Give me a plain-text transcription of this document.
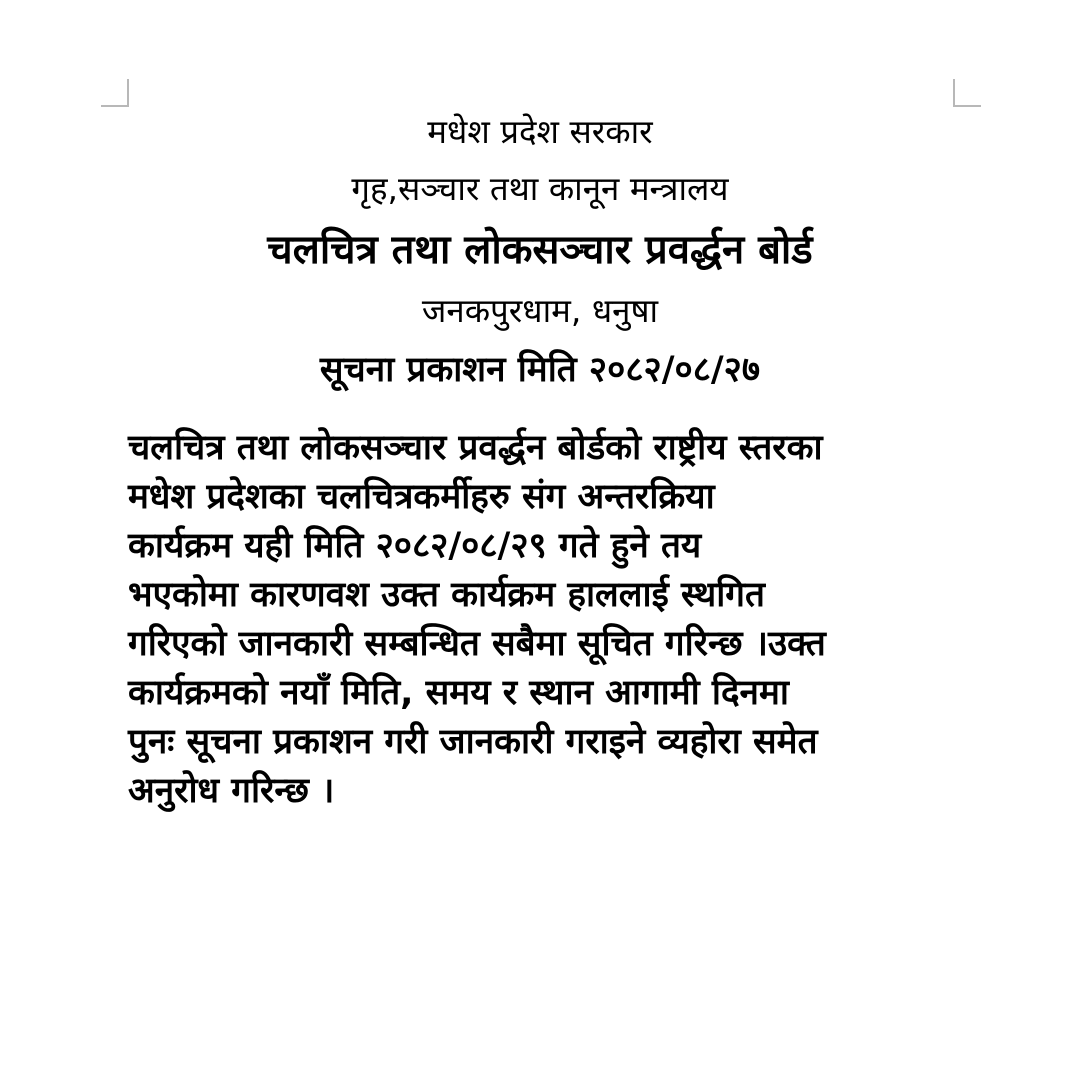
मधेश प्रदेश सरकार
गृह,सञ्चार तथा कानून मन्त्रालय
चलचित्र तथा लोकसञ्चार प्रवर्द्धन बोर्ड
जनकपुरधाम, धनुषा
सूचना प्रकाशन मिति २०८२/०८/२७
चलचित्र तथा लोकसञ्चार प्रवर्द्धन बोर्डको राष्ट्रीय स्तरका
मधेश प्रदेशका चलचित्रकर्मीहरु संग अन्तरक्रिया
कार्यक्रम यही मिति २०८२/०८/२९ गते हुने तय
भएकोमा कारणवश उक्त कार्यक्रम हाललाई स्थगित
गरिएको जानकारी सम्बन्धित सबैमा सूचित गरिन्छ ।उक्त
कार्यक्रमको नयाँ मिति, समय र स्थान आगामी दिनमा
पुनः सूचना प्रकाशन गरी जानकारी गराइने व्यहोरा समेत
अनुरोध गरिन्छ ।
